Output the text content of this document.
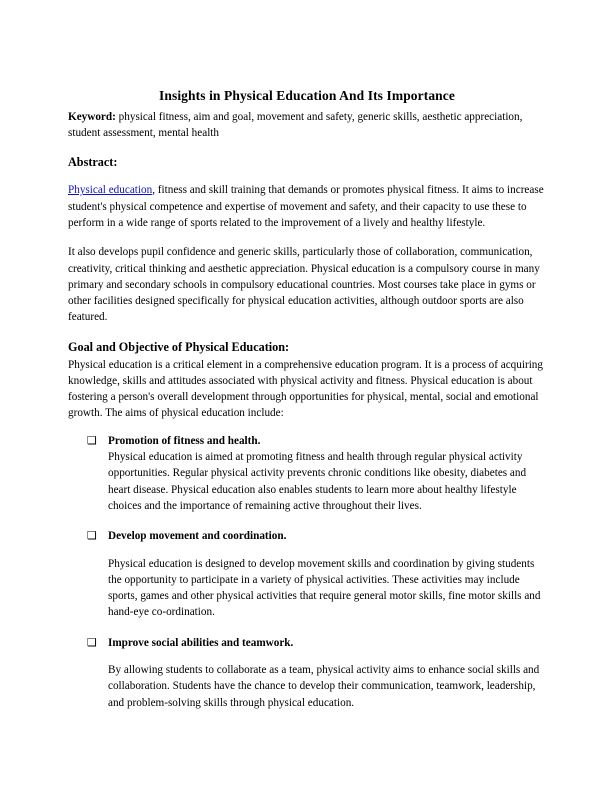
Insights in Physical Education And Its Importance

Keyword: physical fitness, aim and goal, movement and safety, generic skills, aesthetic appreciation, student assessment, mental health

Abstract:

Physical education, fitness and skill training that demands or promotes physical fitness. It aims to increase student's physical competence and expertise of movement and safety, and their capacity to use these to perform in a wide range of sports related to the improvement of a lively and healthy lifestyle.

It also develops pupil confidence and generic skills, particularly those of collaboration, communication, creativity, critical thinking and aesthetic appreciation. Physical education is a compulsory course in many primary and secondary schools in compulsory educational countries. Most courses take place in gyms or other facilities designed specifically for physical education activities, although outdoor sports are also featured.

Goal and Objective of Physical Education:

Physical education is a critical element in a comprehensive education program. It is a process of acquiring knowledge, skills and attitudes associated with physical activity and fitness. Physical education is about fostering a person's overall development through opportunities for physical, mental, social and emotional growth. The aims of physical education include:

❑ Promotion of fitness and health.

Physical education is aimed at promoting fitness and health through regular physical activity opportunities. Regular physical activity prevents chronic conditions like obesity, diabetes and heart disease. Physical education also enables students to learn more about healthy lifestyle choices and the importance of remaining active throughout their lives.

❑ Develop movement and coordination.

Physical education is designed to develop movement skills and coordination by giving students the opportunity to participate in a variety of physical activities. These activities may include sports, games and other physical activities that require general motor skills, fine motor skills and hand-eye co-ordination.

❑ Improve social abilities and teamwork.

By allowing students to collaborate as a team, physical activity aims to enhance social skills and collaboration. Students have the chance to develop their communication, teamwork, leadership, and problem-solving skills through physical education.
